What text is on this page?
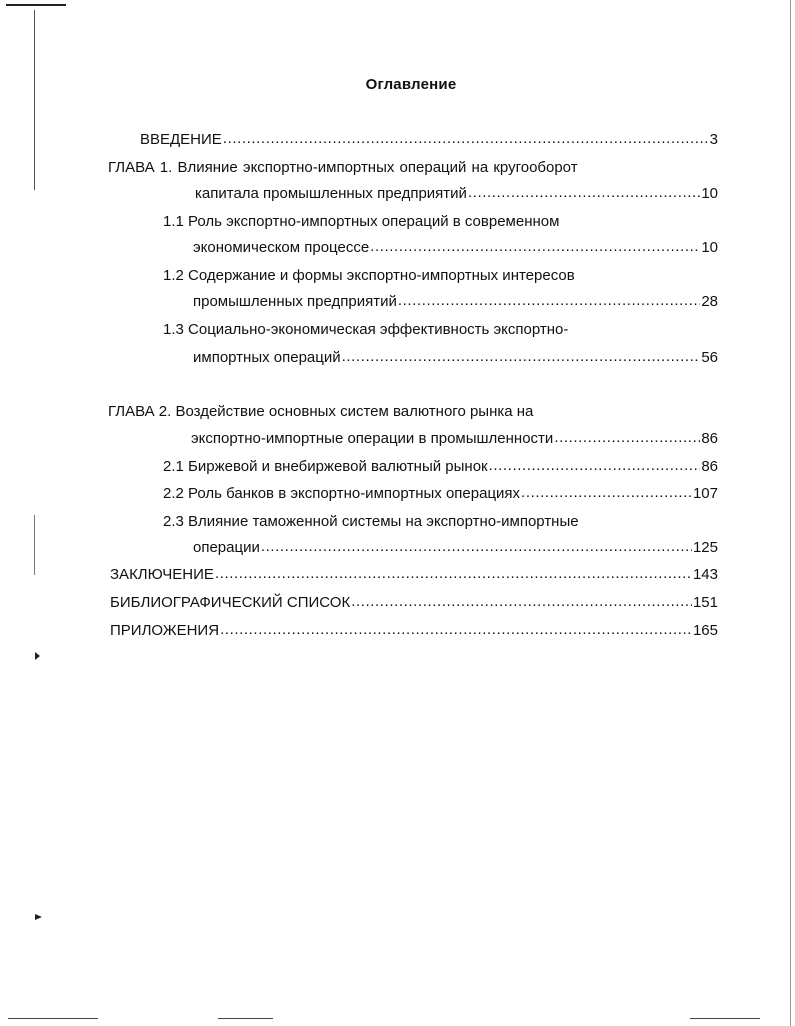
Оглавление
ВВЕДЕНИЕ .....	3
ГЛАВА 1. Влияние экспортно-импортных операций на кругооборот
капитала промышленных предприятий .....	10
1.1 Роль экспортно-импортных операций в современном
экономическом процессе .....	10
1.2 Содержание и формы экспортно-импортных интересов
промышленных предприятий .....	28
1.3 Социально-экономическая эффективность экспортно-
импортных операций .....	56
ГЛАВА 2. Воздействие основных систем валютного рынка на
экспортно-импортные операции в промышленности .....	86
2.1 Биржевой и внебиржевой валютный рынок .....	86
2.2 Роль банков в экспортно-импортных операциях .....	107
2.3 Влияние таможенной системы на экспортно-импортные
операции .....	125
ЗАКЛЮЧЕНИЕ .....	143
БИБЛИОГРАФИЧЕСКИЙ СПИСОК .....	151
ПРИЛОЖЕНИЯ .....	165
